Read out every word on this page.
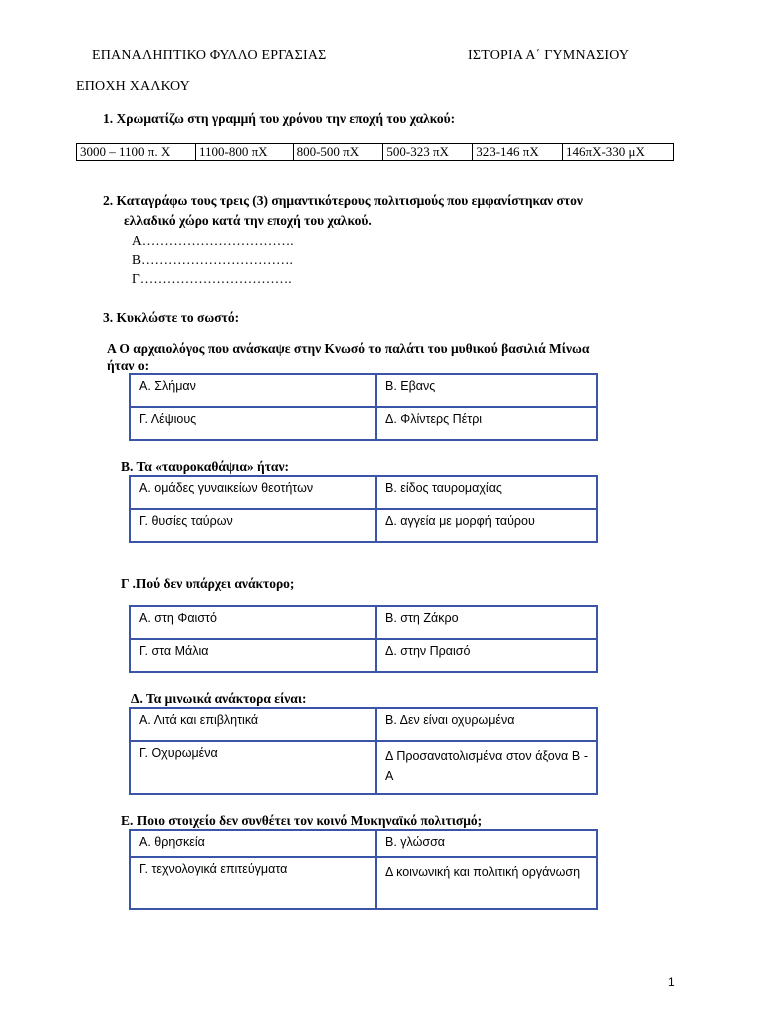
ΕΠΑΝΑΛΗΠΤΙΚΟ ΦΥΛΛΟ ΕΡΓΑΣΙΑΣ	ΙΣΤΟΡΙΑ Α΄ ΓΥΜΝΑΣΙΟΥ
ΕΠΟΧΗ ΧΑΛΚΟΥ
1. Χρωματίζω στη γραμμή του χρόνου την εποχή του χαλκού:
3000 – 1100 π. Χ	1100-800 πΧ	800-500 πΧ	500-323 πΧ	323-146 πΧ	146πΧ-330 μΧ
2. Καταγράφω τους τρεις (3) σημαντικότερους πολιτισμούς που εμφανίστηκαν στον
ελλαδικό χώρο κατά την εποχή του χαλκού.
Α…………………………….
Β…………………………….
Γ…………………………….
3. Κυκλώστε το σωστό:
Α Ο αρχαιολόγος που ανάσκαψε στην Κνωσό το παλάτι του μυθικού βασιλιά Μίνωα
ήταν ο:
Α. Σλήμαν	Β. Εβανς
Γ. Λέψιους	Δ. Φλίντερς Πέτρι
Β. Τα «ταυροκαθάψια» ήταν:
Α. ομάδες γυναικείων θεοτήτων	Β. είδος ταυρομαχίας
Γ. θυσίες ταύρων	Δ. αγγεία με μορφή ταύρου
Γ .Πού δεν υπάρχει ανάκτορο;
Α. στη Φαιστό	Β. στη Ζάκρο
Γ. στα Μάλια	Δ. στην Πραισό
Δ. Τα μινωικά ανάκτορα είναι:
Α. Λιτά και επιβλητικά	Β. Δεν είναι οχυρωμένα
Γ. Οχυρωμένα	Δ Προσανατολισμένα στον άξονα Β - Α
Ε. Ποιο στοιχείο δεν συνθέτει τον κοινό Μυκηναϊκό πολιτισμό;
Α. θρησκεία	Β. γλώσσα
Γ. τεχνολογικά επιτεύγματα	Δ κοινωνική και πολιτική οργάνωση
1
